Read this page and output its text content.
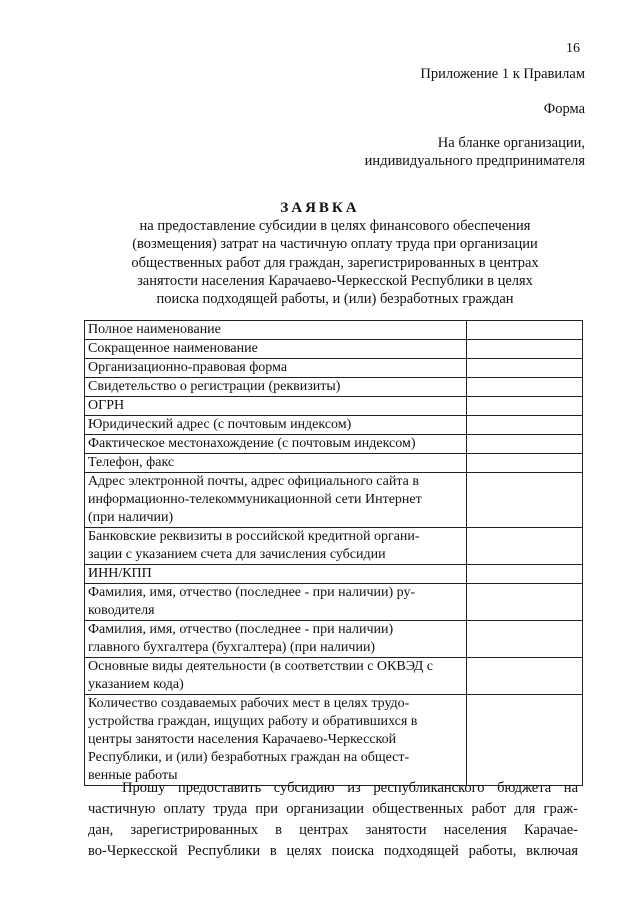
16
Приложение 1 к Правилам
Форма
На бланке организации,
индивидуального предпринимателя
ЗАЯВКА
на предоставление субсидии в целях финансового обеспечения
(возмещения) затрат на частичную оплату труда при организации
общественных работ для граждан, зарегистрированных в центрах
занятости населения Карачаево-Черкесской Республики в целях
поиска подходящей работы, и (или) безработных граждан
Полное наименование	

Сокращенное наименование	

Организационно-правовая форма	

Свидетельство о регистрации (реквизиты)	

ОГРН	

Юридический адрес (с почтовым индексом)	

Фактическое местонахождение (с почтовым индексом)	

Телефон, факс	

Адрес электронной почты, адрес официального сайта в
информационно-телекоммуникационной сети Интернет
(при наличии)	

Банковские реквизиты в российской кредитной органи-
зации с указанием счета для зачисления субсидии	

ИНН/КПП	

Фамилия, имя, отчество (последнее - при наличии) ру-
ководителя	

Фамилия, имя, отчество (последнее - при наличии)
главного бухгалтера (бухгалтера) (при наличии)	

Основные виды деятельности (в соответствии с ОКВЭД с
указанием кода)	

Количество создаваемых рабочих мест в целях трудо-
устройства граждан, ищущих работу и обратившихся в
центры занятости населения Карачаево-Черкесской
Республики, и (или) безработных граждан на общест-
венные работы	

Прошу предоставить субсидию из республиканского бюджета на
частичную оплату труда при организации общественных работ для граж-
дан, зарегистрированных в центрах занятости населения Карачае-
во-Черкесской Республики в целях поиска подходящей работы, включая
